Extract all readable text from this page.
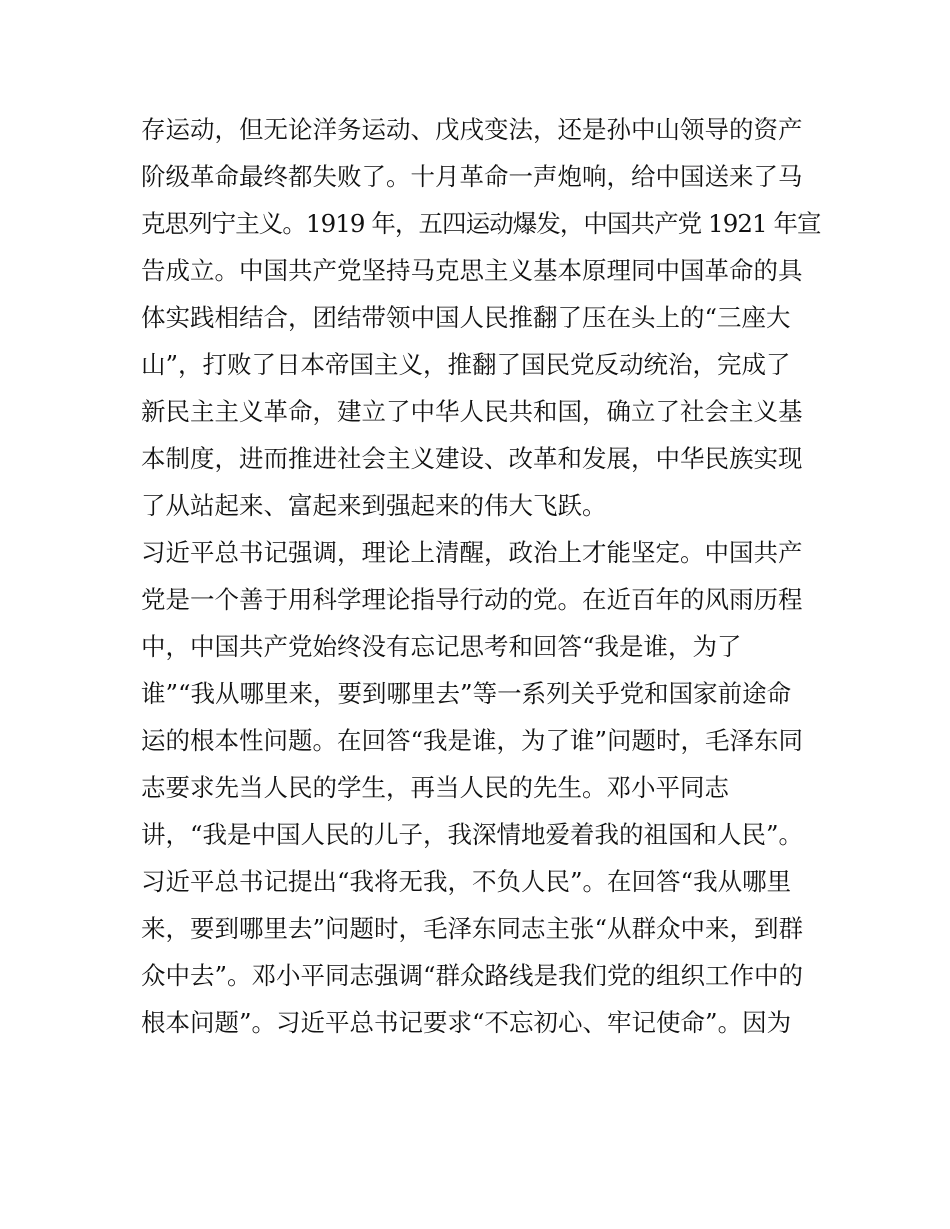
存运动，但无论洋务运动、戊戌变法，还是孙中山领导的资产
阶级革命最终都失败了。十月革命一声炮响，给中国送来了马
克思列宁主义。1919 年，五四运动爆发，中国共产党 1921 年宣
告成立。中国共产党坚持马克思主义基本原理同中国革命的具
体实践相结合，团结带领中国人民推翻了压在头上的“三座大
山”，打败了日本帝国主义，推翻了国民党反动统治，完成了
新民主主义革命，建立了中华人民共和国，确立了社会主义基
本制度，进而推进社会主义建设、改革和发展，中华民族实现
了从站起来、富起来到强起来的伟大飞跃。
习近平总书记强调，理论上清醒，政治上才能坚定。中国共产
党是一个善于用科学理论指导行动的党。在近百年的风雨历程
中，中国共产党始终没有忘记思考和回答“我是谁，为了
谁”“我从哪里来，要到哪里去”等一系列关乎党和国家前途命
运的根本性问题。在回答“我是谁，为了谁”问题时，毛泽东同
志要求先当人民的学生，再当人民的先生。邓小平同志
讲，“我是中国人民的儿子，我深情地爱着我的祖国和人民”。
习近平总书记提出“我将无我，不负人民”。在回答“我从哪里
来，要到哪里去”问题时，毛泽东同志主张“从群众中来，到群
众中去”。邓小平同志强调“群众路线是我们党的组织工作中的
根本问题”。习近平总书记要求“不忘初心、牢记使命”。因为
